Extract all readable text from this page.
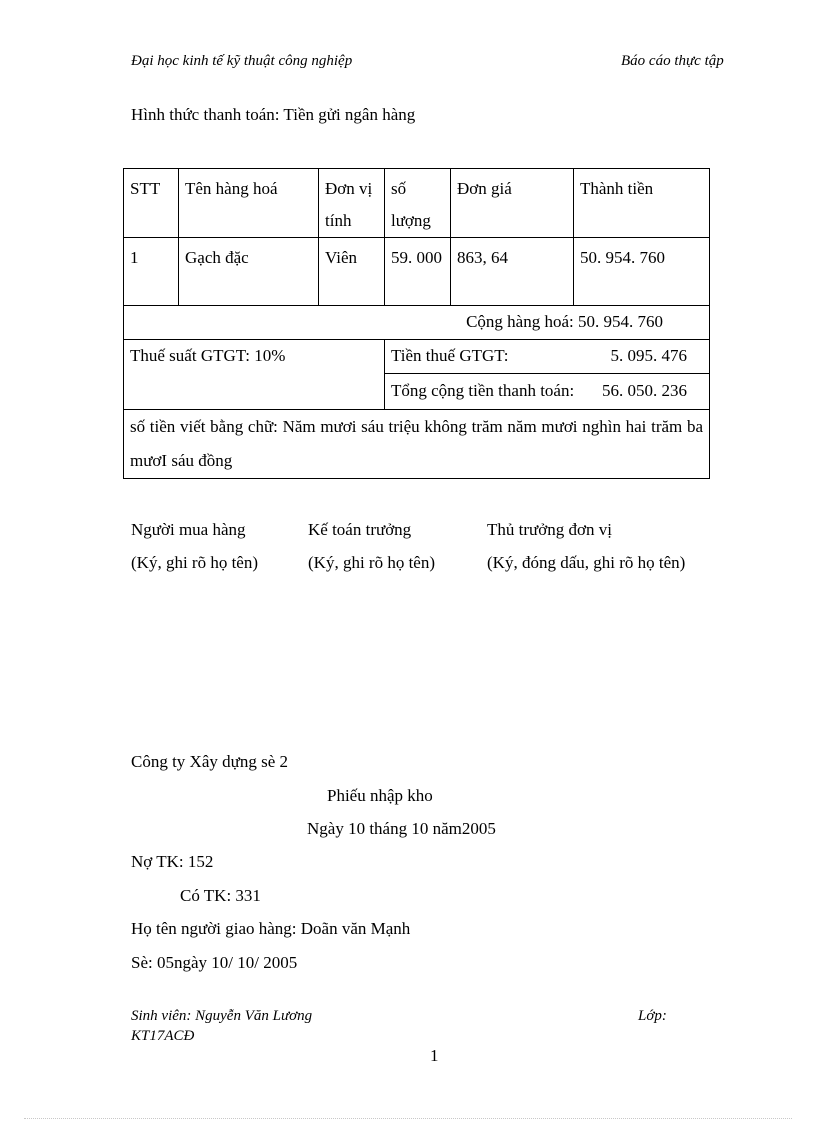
Đại học kinh tế kỹ thuật công nghiệp	Báo cáo thực tập
Hình thức thanh toán: Tiền gửi ngân hàng
STT	Tên hàng hoá	Đơn vị tính	số lượng	Đơn giá	Thành tiền
1	Gạch đặc	Viên	59. 000	863, 64	50. 954. 760
Cộng hàng hoá: 50. 954. 760					
Thuế suất GTGT: 10%			Tiền thuế GTGT: 5. 095. 476		

			Tổng cộng tiền thanh toán: 56. 050. 236		

số tiền viết bằng chữ: Năm mươi sáu triệu không trăm năm mươi nghìn hai trăm ba mươI sáu đồng					
Người mua hàng
(Ký, ghi rõ họ tên)
Kế toán trưởng
(Ký, ghi rõ họ tên)
Thủ trưởng đơn vị
(Ký, đóng dấu, ghi rõ họ tên)
Công ty Xây dựng sè 2
Phiếu nhập kho
Ngày 10 tháng 10 năm2005
Nợ TK: 152
Có TK: 331
Họ tên người giao hàng: Doãn văn Mạnh
Sè: 05ngày 10/ 10/ 2005
Sinh viên: Nguyễn Văn Lương	Lớp:
KT17ACĐ
1
